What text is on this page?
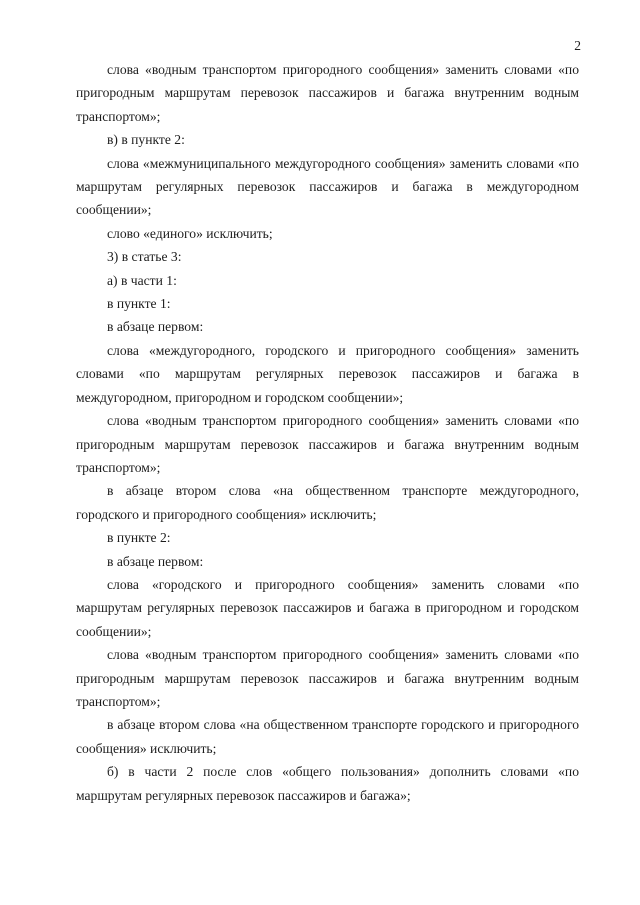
2

слова «водным транспортом пригородного сообщения» заменить словами «по пригородным маршрутам перевозок пассажиров и багажа внутренним водным транспортом»;

в) в пункте 2:

слова «межмуниципального междугородного сообщения» заменить словами «по маршрутам регулярных перевозок пассажиров и багажа в междугородном сообщении»;

слово «единого» исключить;

3) в статье 3:

а) в части 1:

в пункте 1:

в абзаце первом:

слова «междугородного, городского и пригородного сообщения» заменить словами «по маршрутам регулярных перевозок пассажиров и багажа в междугородном, пригородном и городском сообщении»;

слова «водным транспортом пригородного сообщения» заменить словами «по пригородным маршрутам перевозок пассажиров и багажа внутренним водным транспортом»;

в абзаце втором слова «на общественном транспорте междугородного, городского и пригородного сообщения» исключить;

в пункте 2:

в абзаце первом:

слова «городского и пригородного сообщения» заменить словами «по маршрутам регулярных перевозок пассажиров и багажа в пригородном и городском сообщении»;

слова «водным транспортом пригородного сообщения» заменить словами «по пригородным маршрутам перевозок пассажиров и багажа внутренним водным транспортом»;

в абзаце втором слова «на общественном транспорте городского и пригородного сообщения» исключить;

б) в части 2 после слов «общего пользования» дополнить словами «по маршрутам регулярных перевозок пассажиров и багажа»;
